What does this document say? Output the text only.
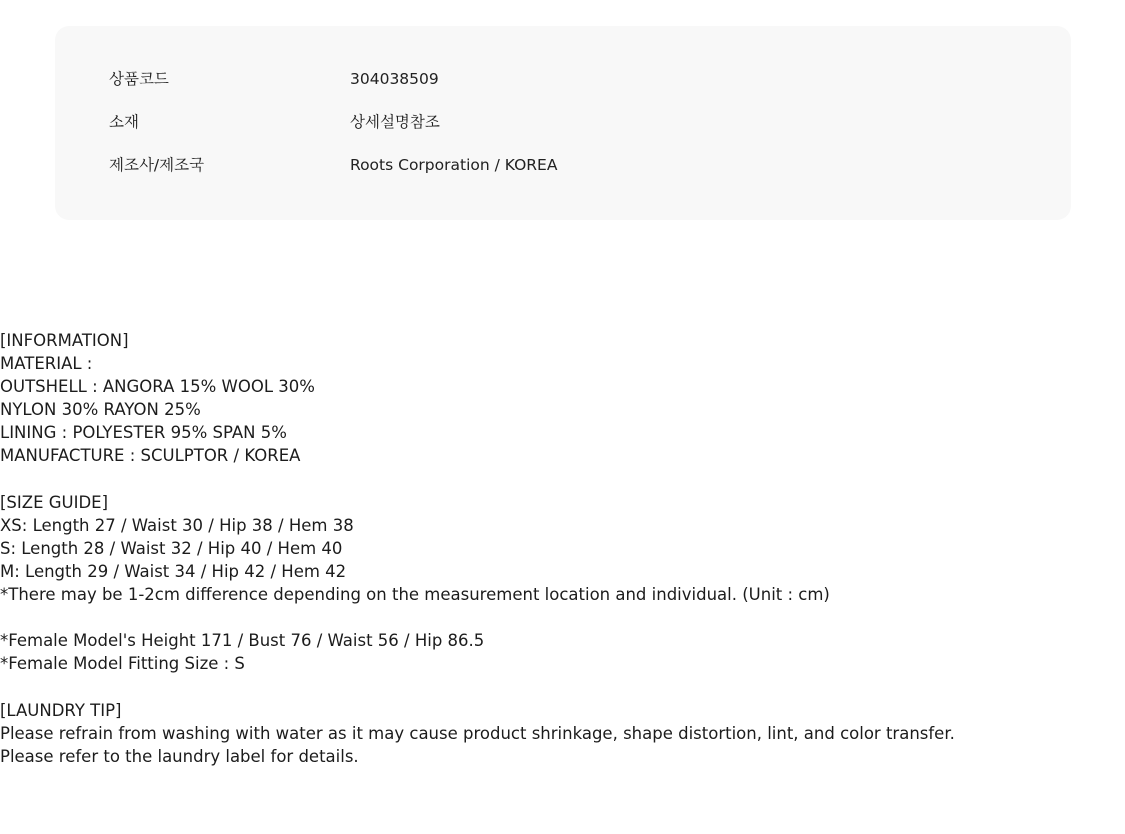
상품코드	304038509
소재	상세설명참조
제조사/제조국	Roots Corporation / KOREA
[INFORMATION]
MATERIAL :
OUTSHELL : ANGORA 15% WOOL 30%
NYLON 30% RAYON 25%
LINING : POLYESTER 95% SPAN 5%
MANUFACTURE : SCULPTOR / KOREA
[SIZE GUIDE]
XS: Length 27 / Waist 30 / Hip 38 / Hem 38
S: Length 28 / Waist 32 / Hip 40 / Hem 40
M: Length 29 / Waist 34 / Hip 42 / Hem 42
*There may be 1-2cm difference depending on the measurement location and individual. (Unit : cm)
*Female Model's Height 171 / Bust 76 / Waist 56 / Hip 86.5
*Female Model Fitting Size : S
[LAUNDRY TIP]
Please refrain from washing with water as it may cause product shrinkage, shape distortion, lint, and color transfer.
Please refer to the laundry label for details.
